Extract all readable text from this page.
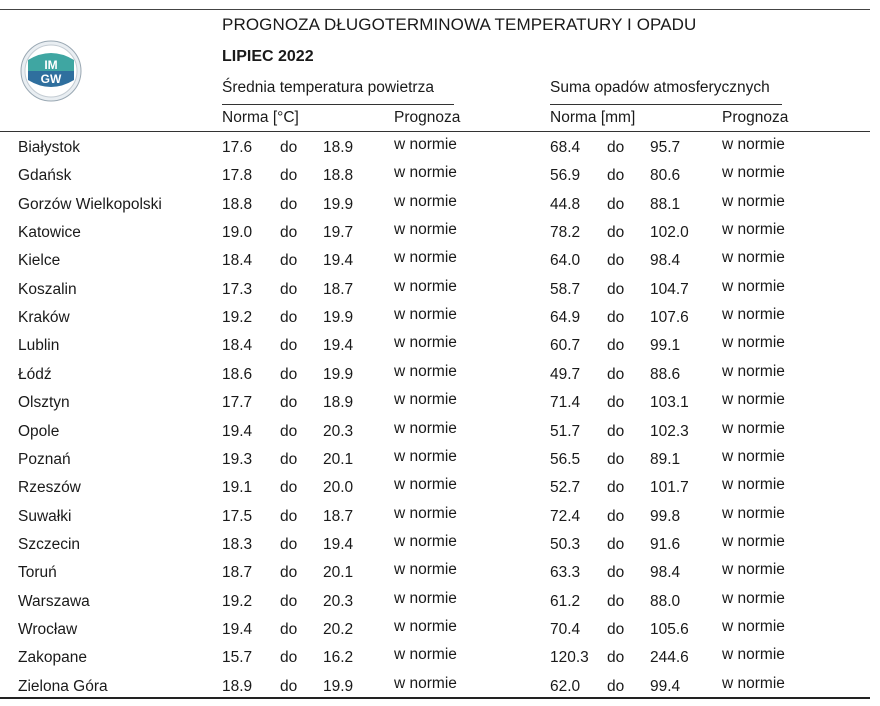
IM
GW
PROGNOZA DŁUGOTERMINOWA TEMPERATURY I OPADU
LIPIEC 2022
Średnia temperatura powietrza	Suma opadów atmosferycznych
Norma [°C]	Prognoza	Norma [mm]	Prognoza
Białystok	17.6 do 18.9	w normie	68.4 do 95.7	w normie
Gdańsk	17.8 do 18.8	w normie	56.9 do 80.6	w normie
Gorzów Wielkopolski	18.8 do 19.9	w normie	44.8 do 88.1	w normie
Katowice	19.0 do 19.7	w normie	78.2 do 102.0 w normie
Kielce	18.4 do 19.4	w normie	64.0 do 98.4	w normie
Koszalin	17.3 do 18.7	w normie	58.7 do 104.7 w normie
Kraków	19.2 do 19.9	w normie	64.9 do 107.6 w normie
Lublin	18.4 do 19.4	w normie	60.7 do 99.1	w normie
Łódź	18.6 do 19.9	w normie	49.7 do 88.6	w normie
Olsztyn	17.7 do 18.9	w normie	71.4 do 103.1 w normie
Opole	19.4 do 20.3	w normie	51.7 do 102.3 w normie
Poznań	19.3 do 20.1	w normie	56.5 do 89.1	w normie
Rzeszów	19.1 do 20.0	w normie	52.7 do 101.7 w normie
Suwałki	17.5 do 18.7	w normie	72.4 do 99.8	w normie
Szczecin	18.3 do 19.4	w normie	50.3 do 91.6	w normie
Toruń	18.7 do 20.1	w normie	63.3 do 98.4	w normie
Warszawa	19.2 do 20.3	w normie	61.2 do 88.0	w normie
Wrocław	19.4 do 20.2	w normie	70.4 do 105.6 w normie
Zakopane	15.7 do 16.2	w normie	120.3 do 244.6 w normie
Zielona Góra	18.9 do 19.9	w normie	62.0 do 99.4	w normie
